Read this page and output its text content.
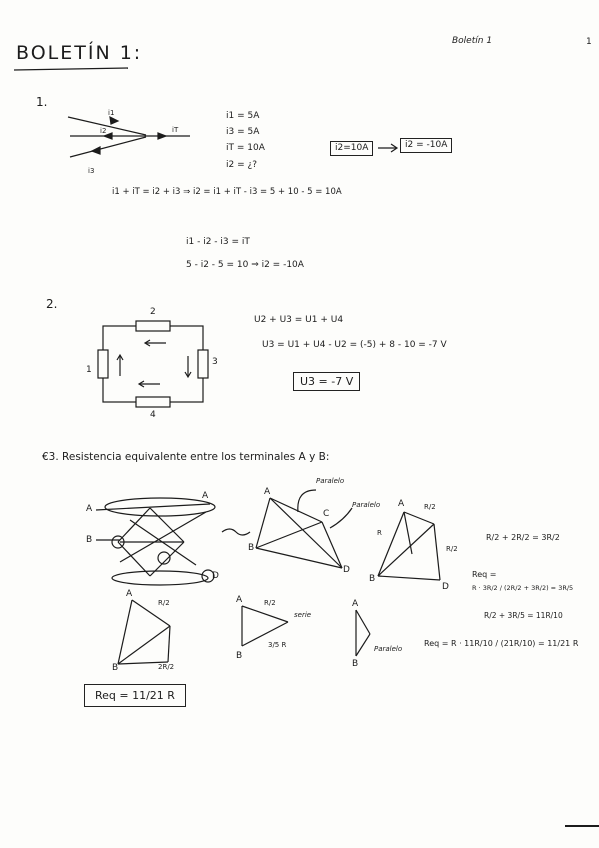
BOLETÍN 1:
Boletín 1	1
1.
i1
i2
i3
iT
i1 = 5A
i3 = 5A
iT = 10A
i2 = ¿?
i2=10A	i2 = -10A
i1 + iT = i2 + i3 ⇒ i2 = i1 + iT - i3 = 5 + 10 - 5 = 10A
i1 - i2 - i3 = iT
5 - i2 - 5 = 10 ⇒ i2 = -10A
2.
1
2
3
4
U2 + U3 = U1 + U4
U3 = U1 + U4 - U2 = (-5) + 8 - 10 = -7 V
U3 = -7 V
€3. Resistencia equivalente entre los terminales A y B:
A
B
A
D
A
B
C
D
Paralelo
Paralelo A
B
D
R/2
R
R/2
R/2 + 2R/2 = 3R/2
Req =
R · 3R/2 / (2R/2 + 3R/2) = 3R/5
A
B
R/2
2R/2
A
B
R/2
serie
3/5 R
A
B
Paralelo
R/2 + 3R/5 = 11R/10
Req = R · 11R/10 / (21R/10) = 11/21 R
Req = 11/21 R
